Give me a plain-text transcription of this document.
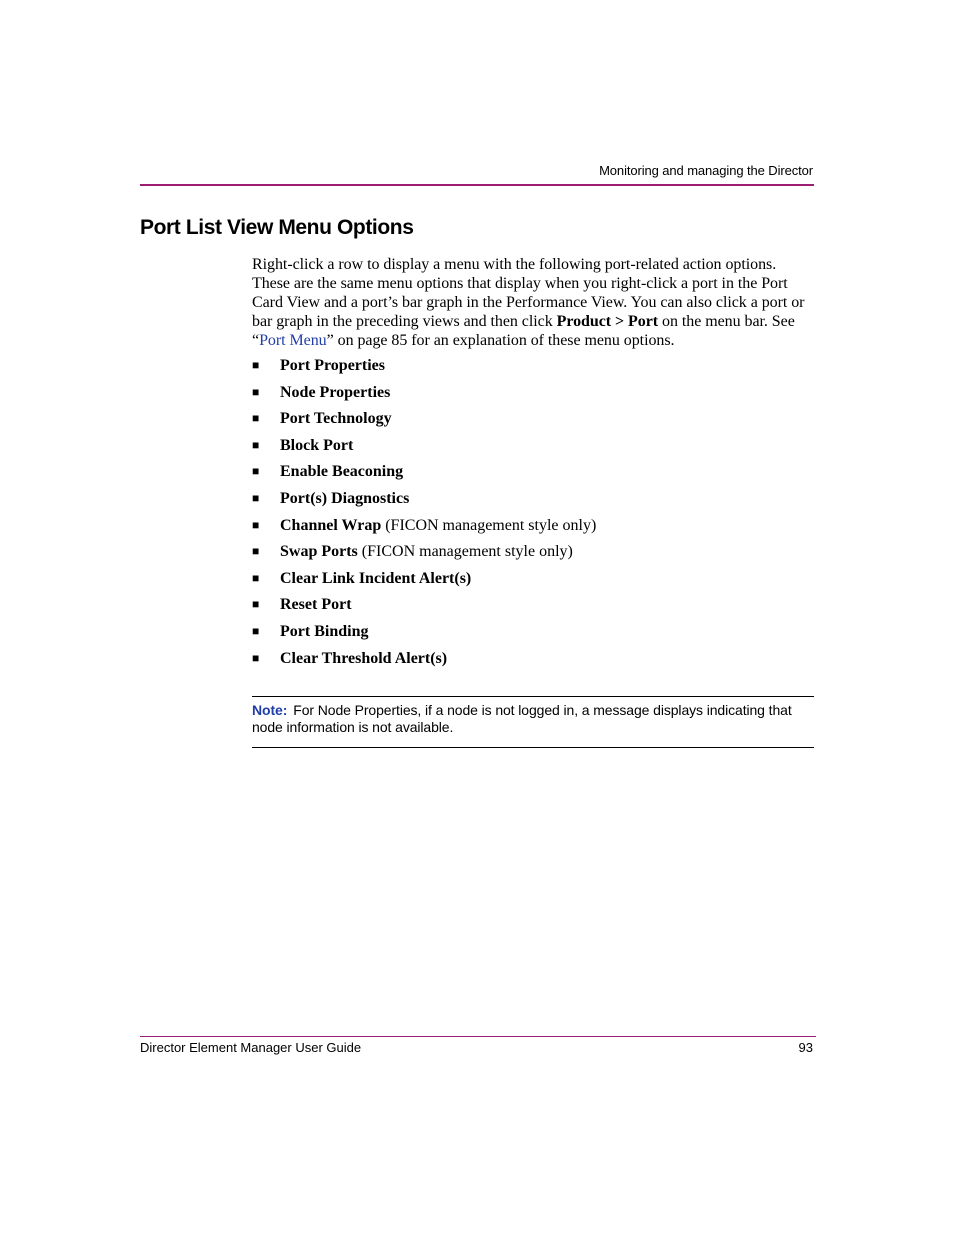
Monitoring and managing the Director
Port List View Menu Options

Right-click a row to display a menu with the following port-related action options. These are the same menu options that display when you right-click a port in the Port Card View and a port’s bar graph in the Performance View. You can also click a port or bar graph in the preceding views and then click Product > Port on the menu bar. See “Port Menu” on page 85 for an explanation of these menu options.

■ Port Properties
■ Node Properties
■ Port Technology
■ Block Port
■ Enable Beaconing
■ Port(s) Diagnostics
■ Channel Wrap (FICON management style only)
■ Swap Ports (FICON management style only)
■ Clear Link Incident Alert(s)
■ Reset Port
■ Port Binding
■ Clear Threshold Alert(s)

Note: For Node Properties, if a node is not logged in, a message displays indicating that node information is not available.

Director Element Manager User Guide	93
